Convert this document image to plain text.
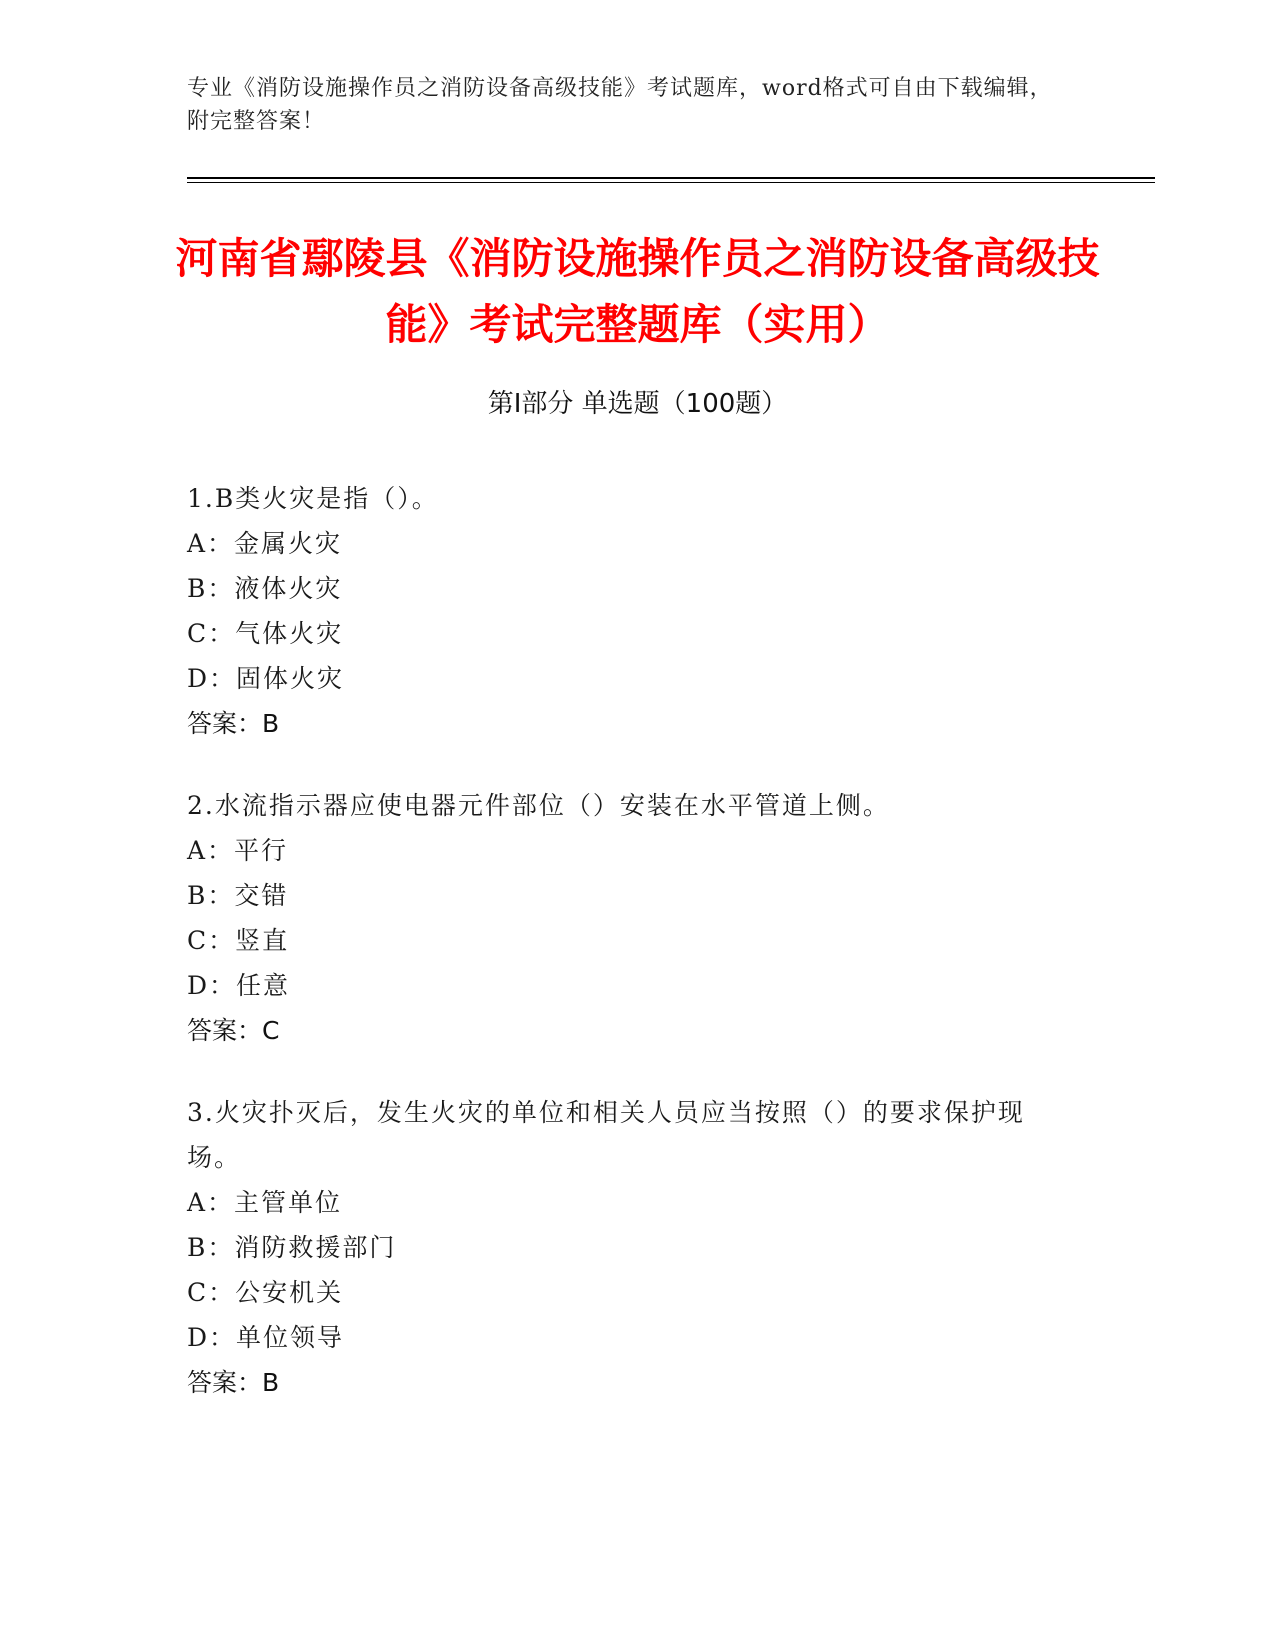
专业《消防设施操作员之消防设备高级技能》考试题库，word格式可自由下载编辑，附完整答案！
河南省鄢陵县《消防设施操作员之消防设备高级技能》考试完整题库（实用）
第Ⅰ部分 单选题（100题）

1.B类火灾是指（）。

A：金属火灾

B：液体火灾

C：气体火灾

D：固体火灾

答案：B

2.水流指示器应使电器元件部位（）安装在水平管道上侧。

A：平行

B：交错

C：竖直

D：任意

答案：C

3.火灾扑灭后，发生火灾的单位和相关人员应当按照（）的要求保护现场。

A：主管单位

B：消防救援部门

C：公安机关

D：单位领导

答案：B
